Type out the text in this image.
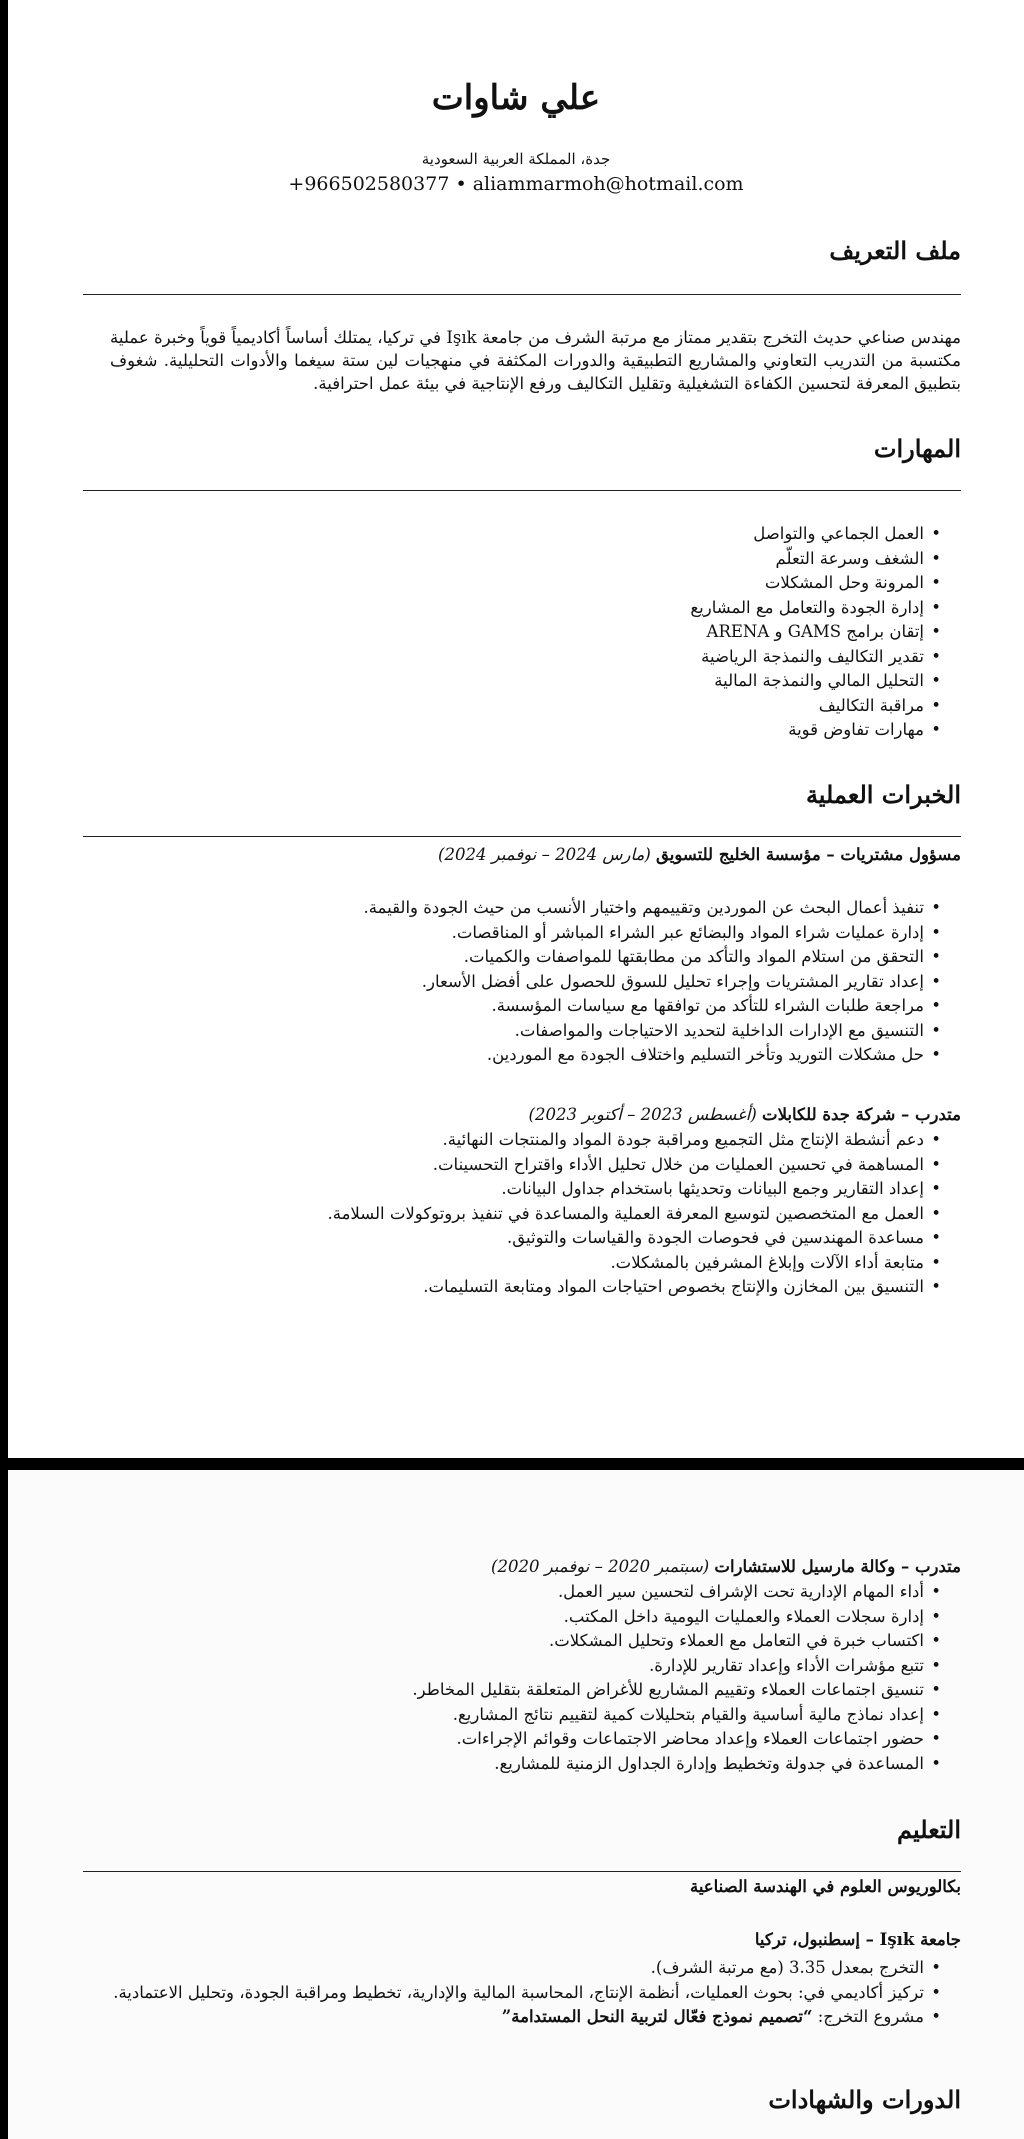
علي شاوات
جدة، المملكة العربية السعودية
+966502580377 • aliammarmoh@hotmail.com
ملف التعريف
مهندس صناعي حديث التخرج بتقدير ممتاز مع مرتبة الشرف من جامعة Işık في تركيا، يمتلك أساساً أكاديمياً قوياً وخبرة عملية مكتسبة من التدريب التعاوني والمشاريع التطبيقية والدورات المكثفة في منهجيات لين ستة سيغما والأدوات التحليلية. شغوف بتطبيق المعرفة لتحسين الكفاءة التشغيلية وتقليل التكاليف ورفع الإنتاجية في بيئة عمل احترافية.
المهارات
• العمل الجماعي والتواصل
• الشغف وسرعة التعلّم
• المرونة وحل المشكلات
• إدارة الجودة والتعامل مع المشاريع
• إتقان برامج GAMS و ARENA
• تقدير التكاليف والنمذجة الرياضية
• التحليل المالي والنمذجة المالية
• مراقبة التكاليف
• مهارات تفاوض قوية
الخبرات العملية
مسؤول مشتريات – مؤسسة الخليج للتسويق (مارس 2024 – نوفمبر 2024)
• تنفيذ أعمال البحث عن الموردين وتقييمهم واختيار الأنسب من حيث الجودة والقيمة.
• إدارة عمليات شراء المواد والبضائع عبر الشراء المباشر أو المناقصات.
• التحقق من استلام المواد والتأكد من مطابقتها للمواصفات والكميات.
• إعداد تقارير المشتريات وإجراء تحليل للسوق للحصول على أفضل الأسعار.
• مراجعة طلبات الشراء للتأكد من توافقها مع سياسات المؤسسة.
• التنسيق مع الإدارات الداخلية لتحديد الاحتياجات والمواصفات.
• حل مشكلات التوريد وتأخر التسليم واختلاف الجودة مع الموردين.
متدرب – شركة جدة للكابلات (أغسطس 2023 – أكتوبر 2023)
• دعم أنشطة الإنتاج مثل التجميع ومراقبة جودة المواد والمنتجات النهائية.
• المساهمة في تحسين العمليات من خلال تحليل الأداء واقتراح التحسينات.
• إعداد التقارير وجمع البيانات وتحديثها باستخدام جداول البيانات.
• العمل مع المتخصصين لتوسيع المعرفة العملية والمساعدة في تنفيذ بروتوكولات السلامة.
• مساعدة المهندسين في فحوصات الجودة والقياسات والتوثيق.
• متابعة أداء الآلات وإبلاغ المشرفين بالمشكلات.
• التنسيق بين المخازن والإنتاج بخصوص احتياجات المواد ومتابعة التسليمات.
متدرب – وكالة مارسيل للاستشارات (سبتمبر 2020 – نوفمبر 2020)
• أداء المهام الإدارية تحت الإشراف لتحسين سير العمل.
• إدارة سجلات العملاء والعمليات اليومية داخل المكتب.
• اكتساب خبرة في التعامل مع العملاء وتحليل المشكلات.
• تتبع مؤشرات الأداء وإعداد تقارير للإدارة.
• تنسيق اجتماعات العملاء وتقييم المشاريع للأغراض المتعلقة بتقليل المخاطر.
• إعداد نماذج مالية أساسية والقيام بتحليلات كمية لتقييم نتائج المشاريع.
• حضور اجتماعات العملاء وإعداد محاضر الاجتماعات وقوائم الإجراءات.
• المساعدة في جدولة وتخطيط وإدارة الجداول الزمنية للمشاريع.
التعليم
بكالوريوس العلوم في الهندسة الصناعية
جامعة Işık – إسطنبول، تركيا
• التخرج بمعدل 3.35 (مع مرتبة الشرف).
• تركيز أكاديمي في: بحوث العمليات، أنظمة الإنتاج، المحاسبة المالية والإدارية، تخطيط ومراقبة الجودة، وتحليل الاعتمادية.
• مشروع التخرج: “تصميم نموذج فعّال لتربية النحل المستدامة”
الدورات والشهادات
